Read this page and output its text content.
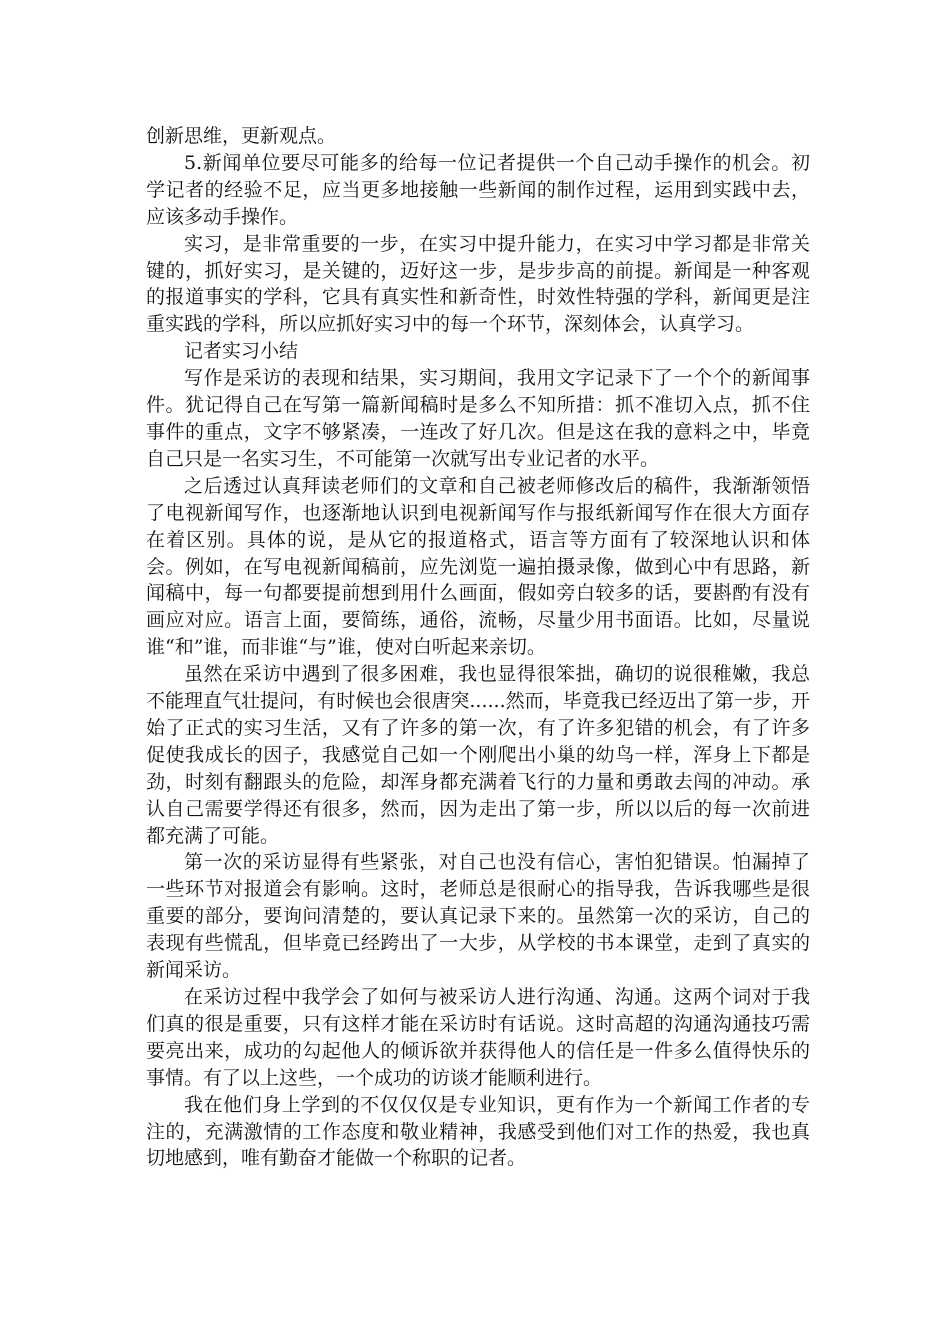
创新思维，更新观点。

5.新闻单位要尽可能多的给每一位记者提供一个自己动手操作的机会。初学记者的经验不足，应当更多地接触一些新闻的制作过程，运用到实践中去，应该多动手操作。

实习，是非常重要的一步，在实习中提升能力，在实习中学习都是非常关键的，抓好实习，是关键的，迈好这一步，是步步高的前提。新闻是一种客观的报道事实的学科，它具有真实性和新奇性，时效性特强的学科，新闻更是注重实践的学科，所以应抓好实习中的每一个环节，深刻体会，认真学习。

记者实习小结

写作是采访的表现和结果，实习期间，我用文字记录下了一个个的新闻事件。犹记得自己在写第一篇新闻稿时是多么不知所措：抓不准切入点，抓不住事件的重点，文字不够紧凑，一连改了好几次。但是这在我的意料之中，毕竟自己只是一名实习生，不可能第一次就写出专业记者的水平。

之后透过认真拜读老师们的文章和自己被老师修改后的稿件，我渐渐领悟了电视新闻写作，也逐渐地认识到电视新闻写作与报纸新闻写作在很大方面存在着区别。具体的说，是从它的报道格式，语言等方面有了较深地认识和体会。例如，在写电视新闻稿前，应先浏览一遍拍摄录像，做到心中有思路，新闻稿中，每一句都要提前想到用什么画面，假如旁白较多的话，要斟酌有没有画应对应。语言上面，要简练，通俗，流畅，尽量少用书面语。比如，尽量说谁“和”谁，而非谁“与”谁，使对白听起来亲切。

虽然在采访中遇到了很多困难，我也显得很笨拙，确切的说很稚嫩，我总不能理直气壮提问，有时候也会很唐突......然而，毕竟我已经迈出了第一步，开始了正式的实习生活，又有了许多的第一次，有了许多犯错的机会，有了许多促使我成长的因子，我感觉自己如一个刚爬出小巢的幼鸟一样，浑身上下都是劲，时刻有翻跟头的危险，却浑身都充满着飞行的力量和勇敢去闯的冲动。承认自己需要学得还有很多，然而，因为走出了第一步，所以以后的每一次前进都充满了可能。

第一次的采访显得有些紧张，对自己也没有信心，害怕犯错误。怕漏掉了一些环节对报道会有影响。这时，老师总是很耐心的指导我，告诉我哪些是很重要的部分，要询问清楚的，要认真记录下来的。虽然第一次的采访，自己的表现有些慌乱，但毕竟已经跨出了一大步，从学校的书本课堂，走到了真实的新闻采访。

在采访过程中我学会了如何与被采访人进行沟通、沟通。这两个词对于我们真的很是重要，只有这样才能在采访时有话说。这时高超的沟通沟通技巧需要亮出来，成功的勾起他人的倾诉欲并获得他人的信任是一件多么值得快乐的事情。有了以上这些，一个成功的访谈才能顺利进行。

我在他们身上学到的不仅仅仅是专业知识，更有作为一个新闻工作者的专注的，充满激情的工作态度和敬业精神，我感受到他们对工作的热爱，我也真切地感到，唯有勤奋才能做一个称职的记者。
